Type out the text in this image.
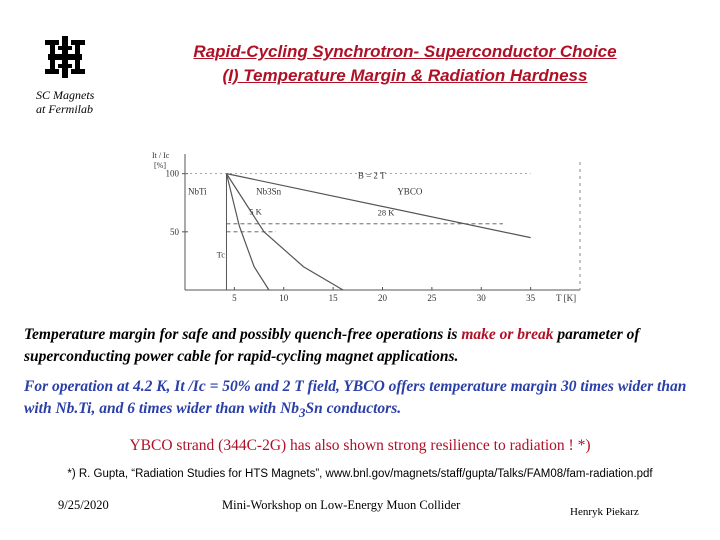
SC Magnets
at Fermilab
Rapid-Cycling Synchrotron- Superconductor Choice
(I) Temperature Margin & Radiation Hardness
It / Ic
[%]
50
100
5	10	15	20	25	30	35 T [K]
NbTi	Nb3Sn	YBCO
B = 2 T
5 K	28 K
Tc
Temperature margin for safe and possibly quench-free operations is make or break parameter of superconducting power cable for rapid-cycling magnet applications.
For operation at 4.2 K, It /Ic = 50% and 2 T field, YBCO offers temperature margin 30 times wider than with Nb.Ti, and 6 times wider than with $Nb_3Sn$ conductors.
YBCO strand (344C-2G) has also shown strong resilience to radiation ! *)
*) R. Gupta, “Radiation Studies for HTS Magnets”, www.bnl.gov/magnets/staff/gupta/Talks/FAM08/fam-radiation.pdf
9/25/2020	Mini-Workshop on Low-Energy Muon Collider	Henryk Piekarz
